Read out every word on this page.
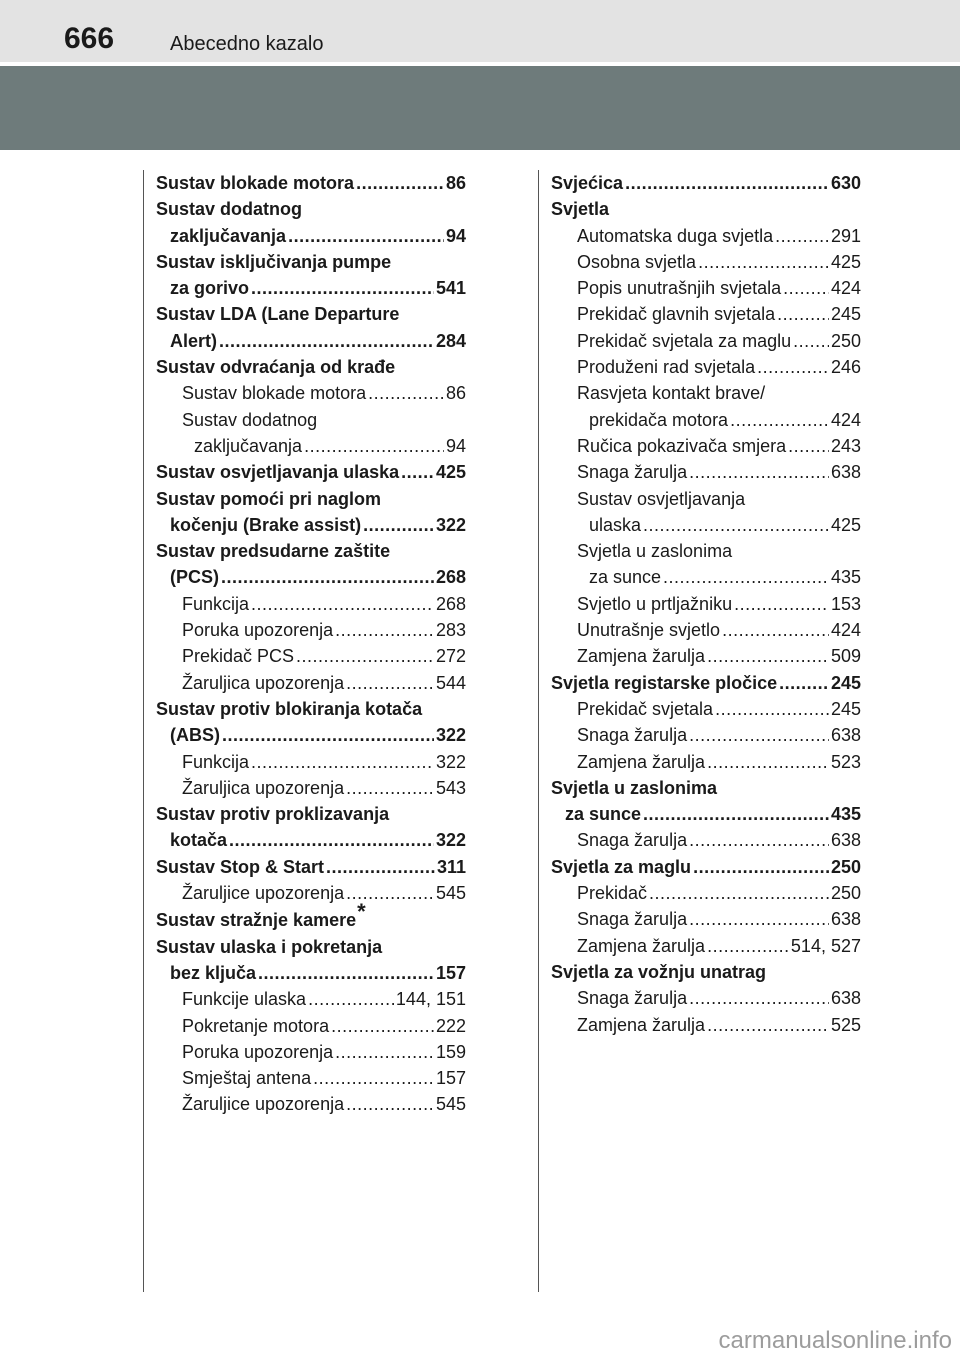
666	Abecedno kazalo
Sustav blokade motora .....	86
Sustav dodatnog
zaključavanja .....	94
Sustav isključivanja pumpe
za gorivo .....	541
Sustav LDA (Lane Departure
Alert) .....	284
Sustav odvraćanja od krađe
Sustav blokade motora .....	86
Sustav dodatnog
zaključavanja .....	94
Sustav osvjetljavanja ulaska ..... 425
Sustav pomoći pri naglom
kočenju (Brake assist) .....	322
Sustav predsudarne zaštite
(PCS) .....	268
Funkcija .....	268
Poruka upozorenja .....	283
Prekidač PCS .....	272
Žaruljica upozorenja .....	544
Sustav protiv blokiranja kotača
(ABS) .....	322
Funkcija .....	322
Žaruljica upozorenja .....	543
Sustav protiv proklizavanja
kotača .....	322
Sustav Stop & Start .....	311
Žaruljice upozorenja .....	545
Sustav stražnje kamere *
Sustav ulaska i pokretanja
bez ključa .....	157
Funkcije ulaska .....	144, 151
Pokretanje motora .....	222
Poruka upozorenja .....	159
Smještaj antena .....	157
Žaruljice upozorenja .....	545
Svjećica .....	630
Svjetla
Automatska duga svjetla .....	291
Osobna svjetla .....	425
Popis unutrašnjih svjetala .....	424
Prekidač glavnih svjetala .....	245
Prekidač svjetala za maglu ..... 250
Produženi rad svjetala .....	246
Rasvjeta kontakt brave/
prekidača motora .....	424
Ručica pokazivača smjera ..... 243
Snaga žarulja .....	638
Sustav osvjetljavanja
ulaska .....	425
Svjetla u zaslonima
za sunce .....	435
Svjetlo u prtljažniku .....	153
Unutrašnje svjetlo .....	424
Zamjena žarulja .....	509
Svjetla registarske pločice .....	245
Prekidač svjetala .....	245
Snaga žarulja .....	638
Zamjena žarulja .....	523
Svjetla u zaslonima
za sunce .....	435
Snaga žarulja .....	638
Svjetla za maglu .....	250
Prekidač .....	250
Snaga žarulja .....	638
Zamjena žarulja .....	514, 527
Svjetla za vožnju unatrag
Snaga žarulja .....	638
Zamjena žarulja .....	525
carmanualsonline.info
